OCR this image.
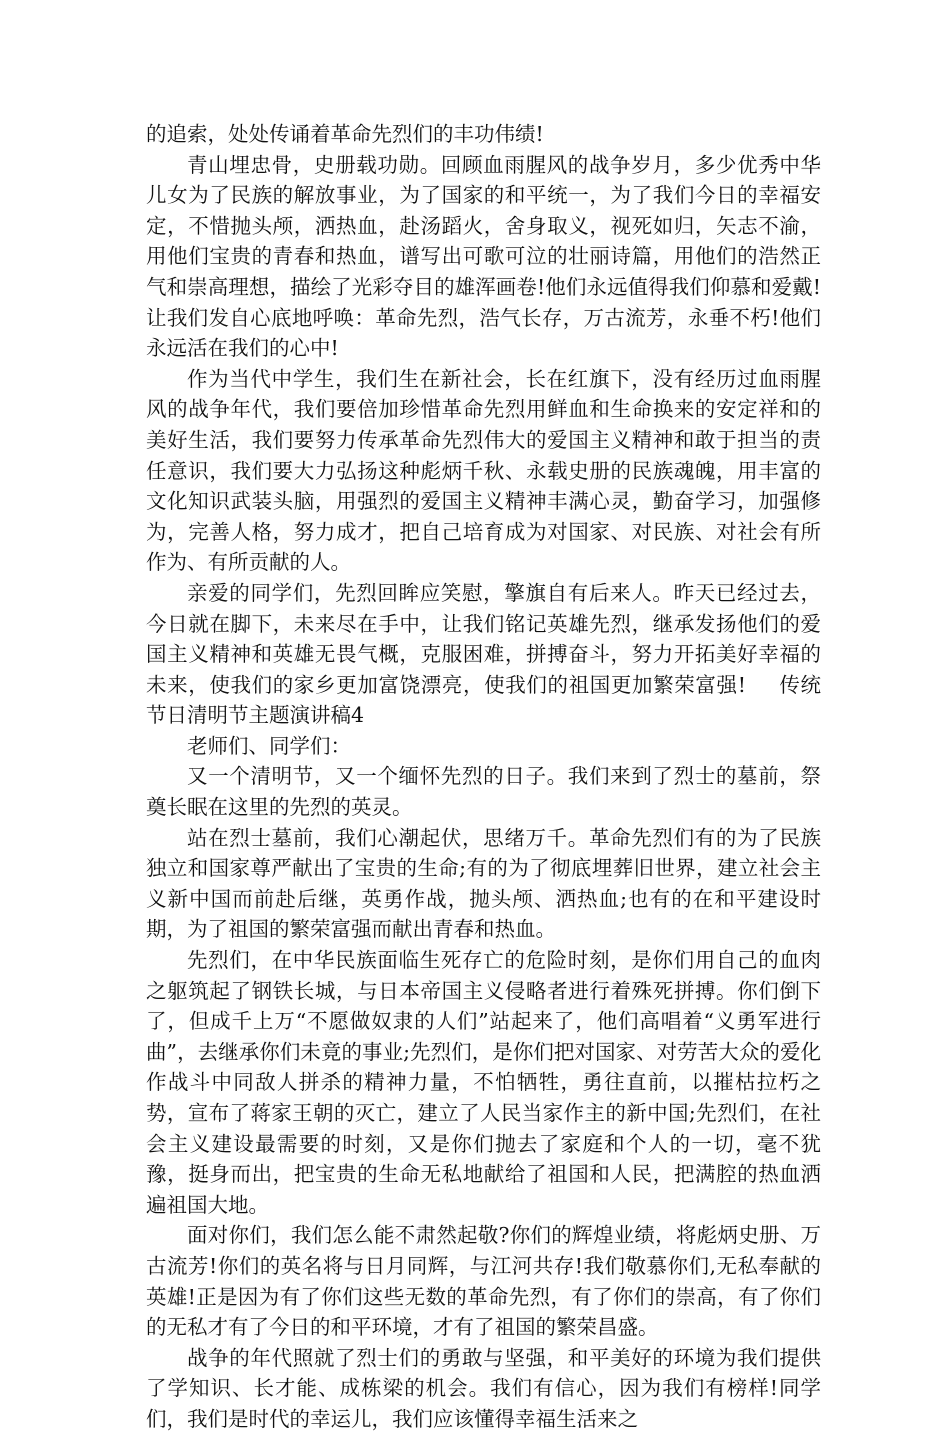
的追索，处处传诵着革命先烈们的丰功伟绩!

青山埋忠骨，史册载功勋。回顾血雨腥风的战争岁月，多少优秀中华儿女为了民族的解放事业，为了国家的和平统一，为了我们今日的幸福安定，不惜抛头颅，洒热血，赴汤蹈火，舍身取义，视死如归，矢志不渝，用他们宝贵的青春和热血，谱写出可歌可泣的壮丽诗篇，用他们的浩然正气和崇高理想，描绘了光彩夺目的雄浑画卷!他们永远值得我们仰慕和爱戴!让我们发自心底地呼唤：革命先烈，浩气长存，万古流芳，永垂不朽!他们永远活在我们的心中!

作为当代中学生，我们生在新社会，长在红旗下，没有经历过血雨腥风的战争年代，我们要倍加珍惜革命先烈用鲜血和生命换来的安定祥和的美好生活，我们要努力传承革命先烈伟大的爱国主义精神和敢于担当的责任意识，我们要大力弘扬这种彪炳千秋、永载史册的民族魂魄，用丰富的文化知识武装头脑，用强烈的爱国主义精神丰满心灵，勤奋学习，加强修为，完善人格，努力成才，把自己培育成为对国家、对民族、对社会有所作为、有所贡献的人。

亲爱的同学们，先烈回眸应笑慰，擎旗自有后来人。昨天已经过去，今日就在脚下，未来尽在手中，让我们铭记英雄先烈，继承发扬他们的爱国主义精神和英雄无畏气概，克服困难，拼搏奋斗，努力开拓美好幸福的未来，使我们的家乡更加富饶漂亮，使我们的祖国更加繁荣富强! 传统节日清明节主题演讲稿4

老师们、同学们：

又一个清明节，又一个缅怀先烈的日子。我们来到了烈士的墓前，祭奠长眠在这里的先烈的英灵。

站在烈士墓前，我们心潮起伏，思绪万千。革命先烈们有的为了民族独立和国家尊严献出了宝贵的生命;有的为了彻底埋葬旧世界，建立社会主义新中国而前赴后继，英勇作战，抛头颅、洒热血;也有的在和平建设时期，为了祖国的繁荣富强而献出青春和热血。

先烈们，在中华民族面临生死存亡的危险时刻，是你们用自己的血肉之躯筑起了钢铁长城，与日本帝国主义侵略者进行着殊死拼搏。你们倒下了，但成千上万“不愿做奴隶的人们”站起来了，他们高唱着“义勇军进行曲”，去继承你们未竟的事业;先烈们，是你们把对国家、对劳苦大众的爱化作战斗中同敌人拼杀的精神力量，不怕牺牲，勇往直前，以摧枯拉朽之势，宣布了蒋家王朝的灭亡，建立了人民当家作主的新中国;先烈们，在社会主义建设最需要的时刻，又是你们抛去了家庭和个人的一切，毫不犹豫，挺身而出，把宝贵的生命无私地献给了祖国和人民，把满腔的热血洒遍祖国大地。

面对你们，我们怎么能不肃然起敬?你们的辉煌业绩，将彪炳史册、万古流芳!你们的英名将与日月同辉，与江河共存!我们敬慕你们,无私奉献的英雄!正是因为有了你们这些无数的革命先烈，有了你们的崇高，有了你们的无私才有了今日的和平环境，才有了祖国的繁荣昌盛。

战争的年代照就了烈士们的勇敢与坚强，和平美好的环境为我们提供了学知识、长才能、成栋梁的机会。我们有信心，因为我们有榜样!同学们，我们是时代的幸运儿，我们应该懂得幸福生活来之
